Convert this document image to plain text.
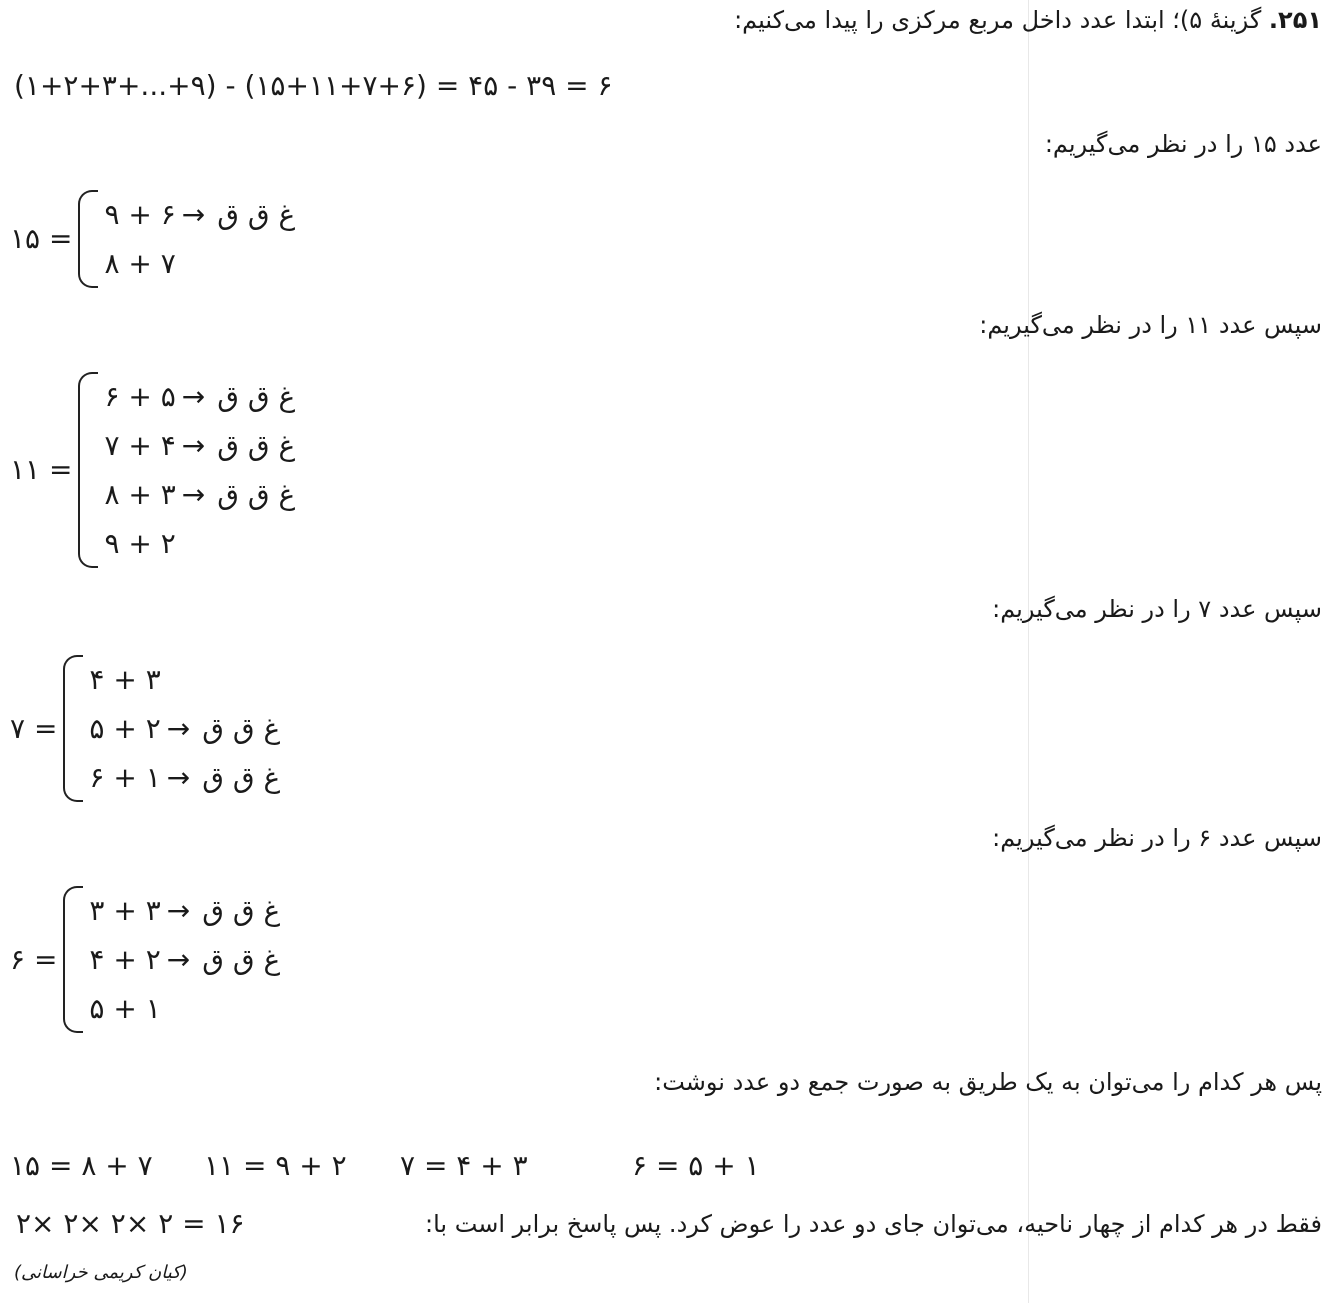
۲۵۱. گزینهٔ ۵)؛ ابتدا عدد داخل مربع مرکزی را پیدا می‌کنیم:
(۱+۲+۳+...+۹) - (۱۵+۱۱+۷+۶) = ۴۵ - ۳۹ = ۶
عدد ۱۵ را در نظر می‌گیریم:
۱۵ =
۹ + ۶ → غ ق ق
۸ + ۷
سپس عدد ۱۱ را در نظر می‌گیریم:
۱۱ =
۶ + ۵ → غ ق ق
۷ + ۴ → غ ق ق
۸ + ۳ → غ ق ق
۹ + ۲
سپس عدد ۷ را در نظر می‌گیریم:
۷ =
۴ + ۳
۵ + ۲ → غ ق ق
۶ + ۱ → غ ق ق
سپس عدد ۶ را در نظر می‌گیریم:
۶ =
۳ + ۳ → غ ق ق
۴ + ۲ → غ ق ق
۵ + ۱
پس هر کدام را می‌توان به یک طریق به صورت جمع دو عدد نوشت:
۱۵ = ۸ + ۷ ۱۱ = ۹ + ۲ ۷ = ۴ + ۳	۶ = ۵ + ۱
فقط در هر کدام از چهار ناحیه، می‌توان جای دو عدد را عوض کرد. پس پاسخ برابر است با:
۲× ۲× ۲× ۲ = ۱۶
(کیان کریمی خراسانی)
